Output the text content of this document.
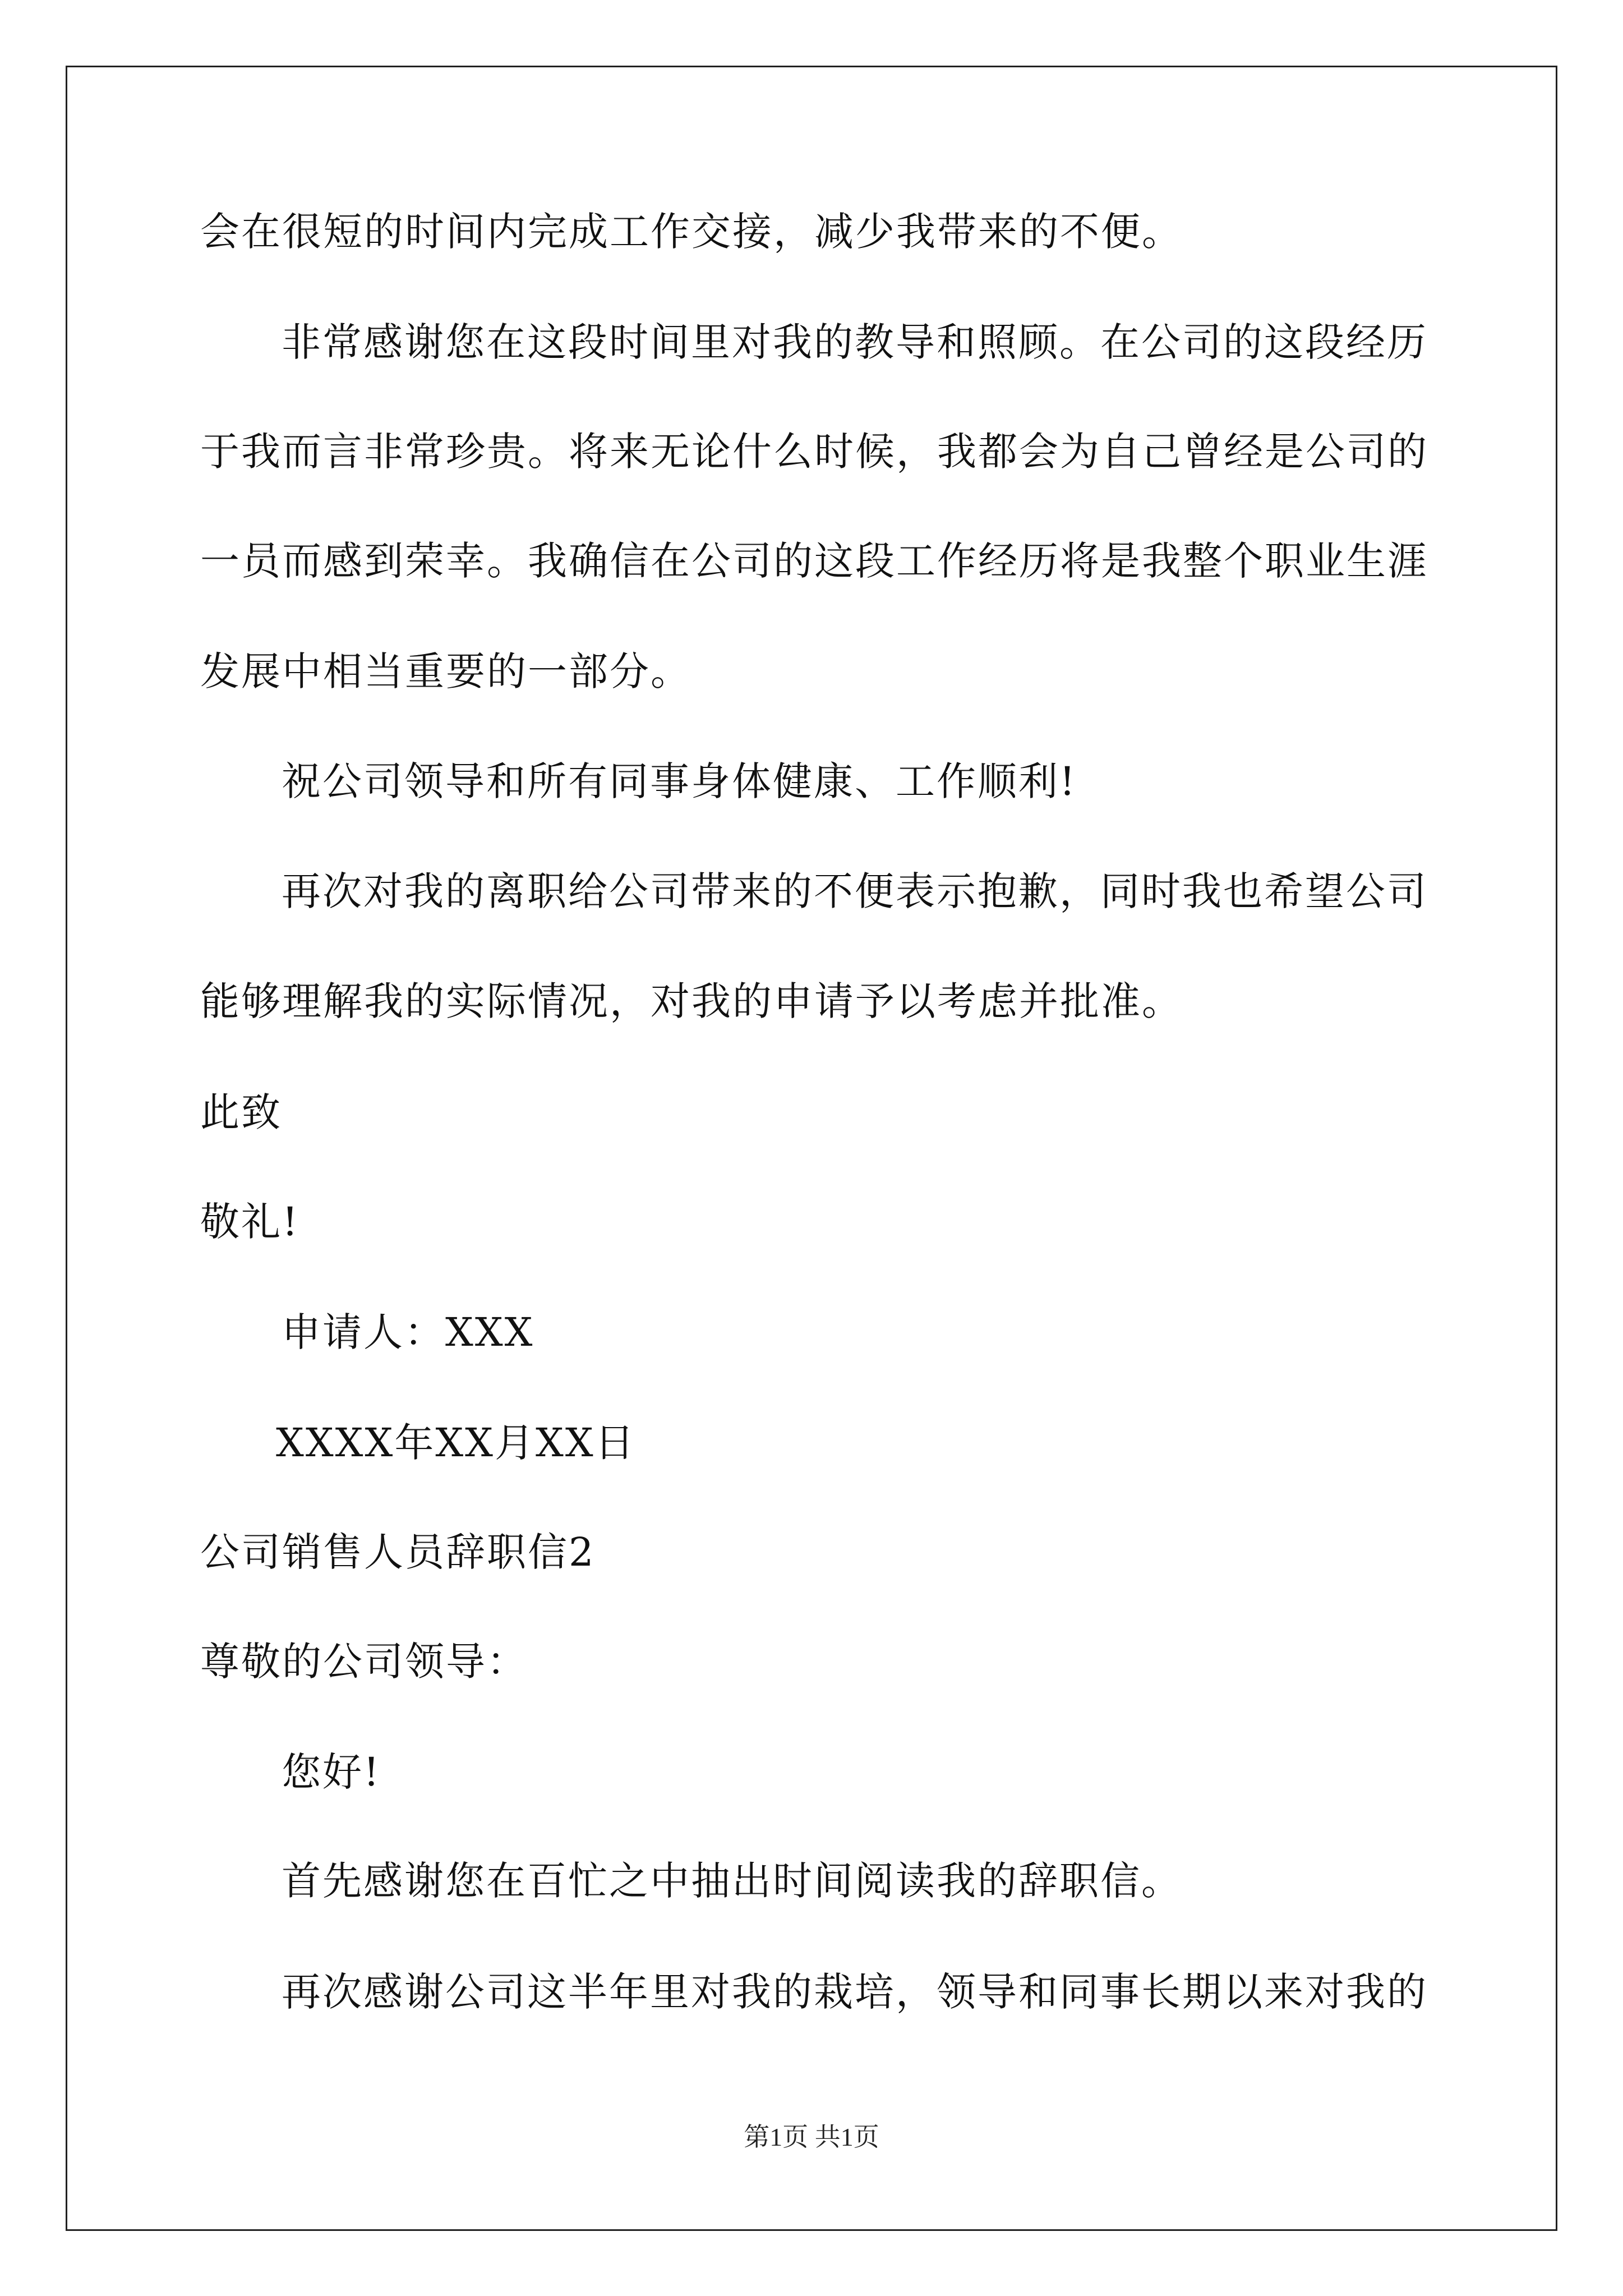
会在很短的时间内完成工作交接，减少我带来的不便。
非常感谢您在这段时间里对我的教导和照顾。在公司的这段经历
于我而言非常珍贵。将来无论什么时候，我都会为自己曾经是公司的
一员而感到荣幸。我确信在公司的这段工作经历将是我整个职业生涯
发展中相当重要的一部分。
祝公司领导和所有同事身体健康、工作顺利!
再次对我的离职给公司带来的不便表示抱歉，同时我也希望公司
能够理解我的实际情况，对我的申请予以考虑并批准。
此致
敬礼!
申请人：XXX
XXXX年XX月XX日
公司销售人员辞职信2
尊敬的公司领导：
您好!
首先感谢您在百忙之中抽出时间阅读我的辞职信。
再次感谢公司这半年里对我的栽培，领导和同事长期以来对我的
第1页 共1页
